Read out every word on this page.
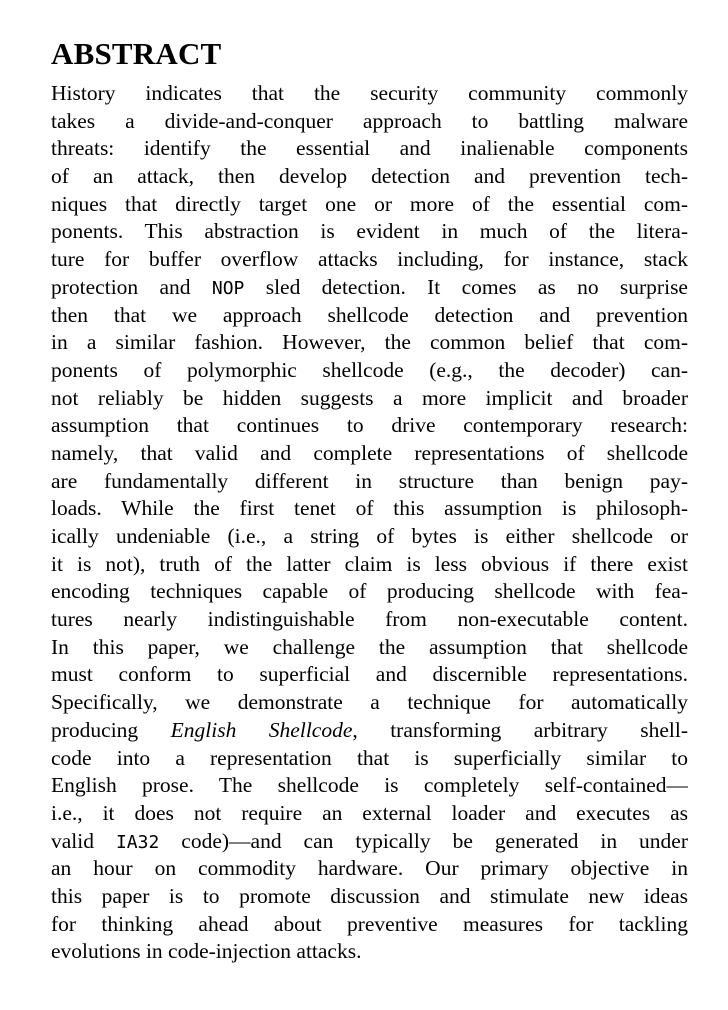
ABSTRACT
History indicates that the security community commonly
takes a divide-and-conquer approach to battling malware
threats: identify the essential and inalienable components
of an attack, then develop detection and prevention tech-
niques that directly target one or more of the essential com-
ponents. This abstraction is evident in much of the litera-
ture for buffer overflow attacks including, for instance, stack
protection and NOP sled detection. It comes as no surprise
then that we approach shellcode detection and prevention
in a similar fashion. However, the common belief that com-
ponents of polymorphic shellcode (e.g., the decoder) can-
not reliably be hidden suggests a more implicit and broader
assumption that continues to drive contemporary research:
namely, that valid and complete representations of shellcode
are fundamentally different in structure than benign pay-
loads. While the first tenet of this assumption is philosoph-
ically undeniable (i.e., a string of bytes is either shellcode or
it is not), truth of the latter claim is less obvious if there exist
encoding techniques capable of producing shellcode with fea-
tures nearly indistinguishable from non-executable content.
In this paper, we challenge the assumption that shellcode
must conform to superficial and discernible representations.
Specifically, we demonstrate a technique for automatically
producing English Shellcode, transforming arbitrary shell-
code into a representation that is superficially similar to
English prose. The shellcode is completely self-contained—
i.e., it does not require an external loader and executes as
valid IA32 code)—and can typically be generated in under
an hour on commodity hardware. Our primary objective in
this paper is to promote discussion and stimulate new ideas
for thinking ahead about preventive measures for tackling
evolutions in code-injection attacks.
